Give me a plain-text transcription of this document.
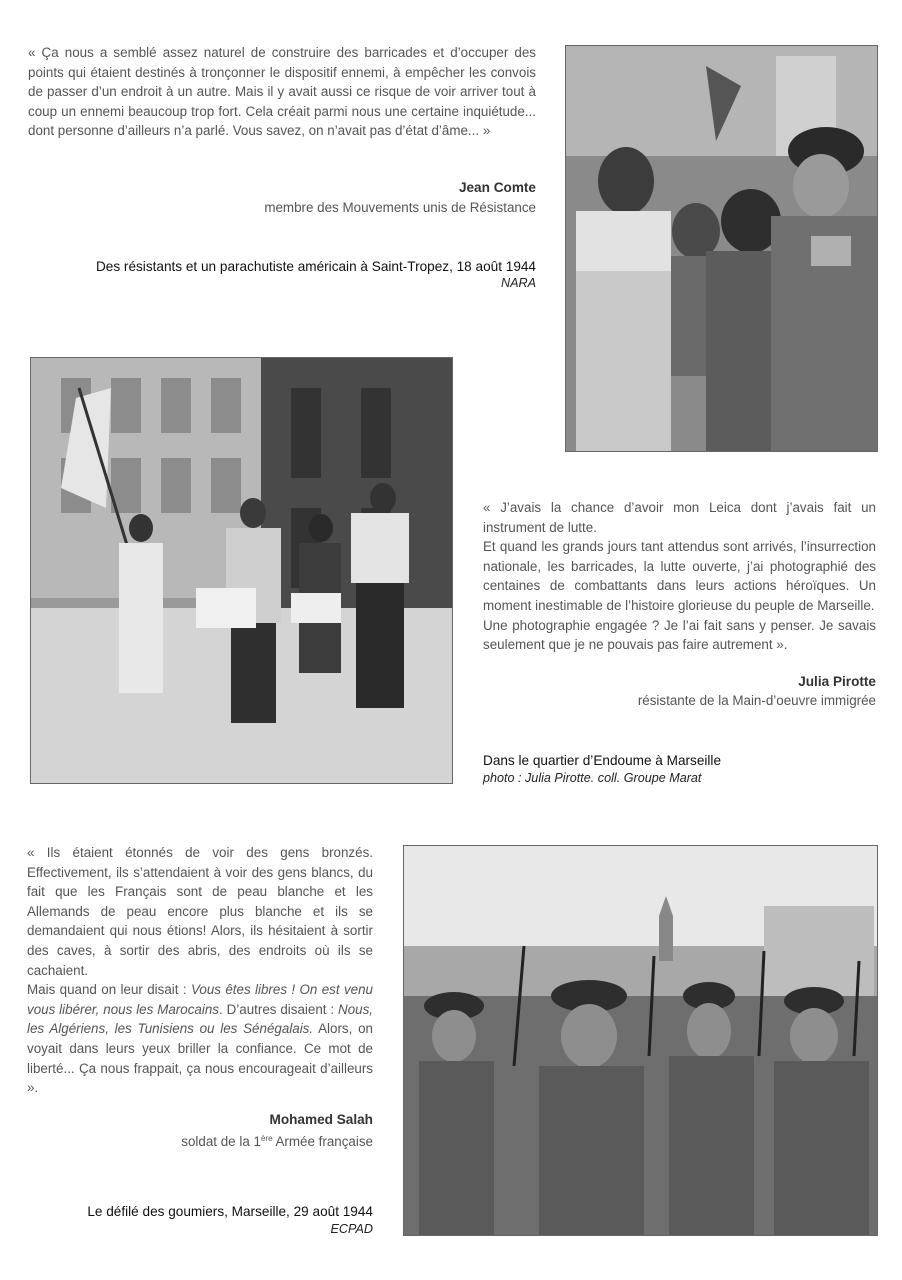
« Ça nous a semblé assez naturel de construire des barricades et d’occuper des points qui étaient destinés à tronçonner le dispositif ennemi, à empêcher les convois de passer d’un endroit à un autre. Mais il y avait aussi ce risque de voir arriver tout à coup un ennemi beaucoup trop fort. Cela créait parmi nous une certaine inquiétude... dont personne d’ailleurs n’a parlé. Vous savez, on n’avait pas d’état d’âme... »

Jean Comte
membre des Mouvements unis de Résistance
Des résistants et un parachutiste américain à Saint-Tropez, 18 août 1944
NARA

« J’avais la chance d’avoir mon Leica dont j’avais fait un instrument de lutte.

Et quand les grands jours tant attendus sont arrivés, l’insurrection nationale, les barricades, la lutte ouverte, j’ai photographié des centaines de combattants dans leurs actions héroïques. Un moment inestimable de l’histoire glorieuse du peuple de Marseille.

Une photographie engagée ? Je l’ai fait sans y penser. Je savais seulement que je ne pouvais pas faire autrement ».

Julia Pirotte
résistante de la Main-d’oeuvre immigrée
Dans le quartier d’Endoume à Marseille
photo : Julia Pirotte. coll. Groupe Marat

« Ils étaient étonnés de voir des gens bronzés. Effectivement, ils s’attendaient à voir des gens blancs, du fait que les Français sont de peau blanche et les Allemands de peau encore plus blanche et ils se demandaient qui nous étions! Alors, ils hésitaient à sortir des caves, à sortir des abris, des endroits où ils se cachaient.

Mais quand on leur disait : Vous êtes libres ! On est venu vous libérer, nous les Marocains. D’autres disaient : Nous, les Algériens, les Tunisiens ou les Sénégalais. Alors, on voyait dans leurs yeux briller la confiance. Ce mot de liberté... Ça nous frappait, ça nous encourageait d’ailleurs ».

Mohamed Salah
soldat de la 1ère Armée française
Le défilé des goumiers, Marseille, 29 août 1944
ECPAD
